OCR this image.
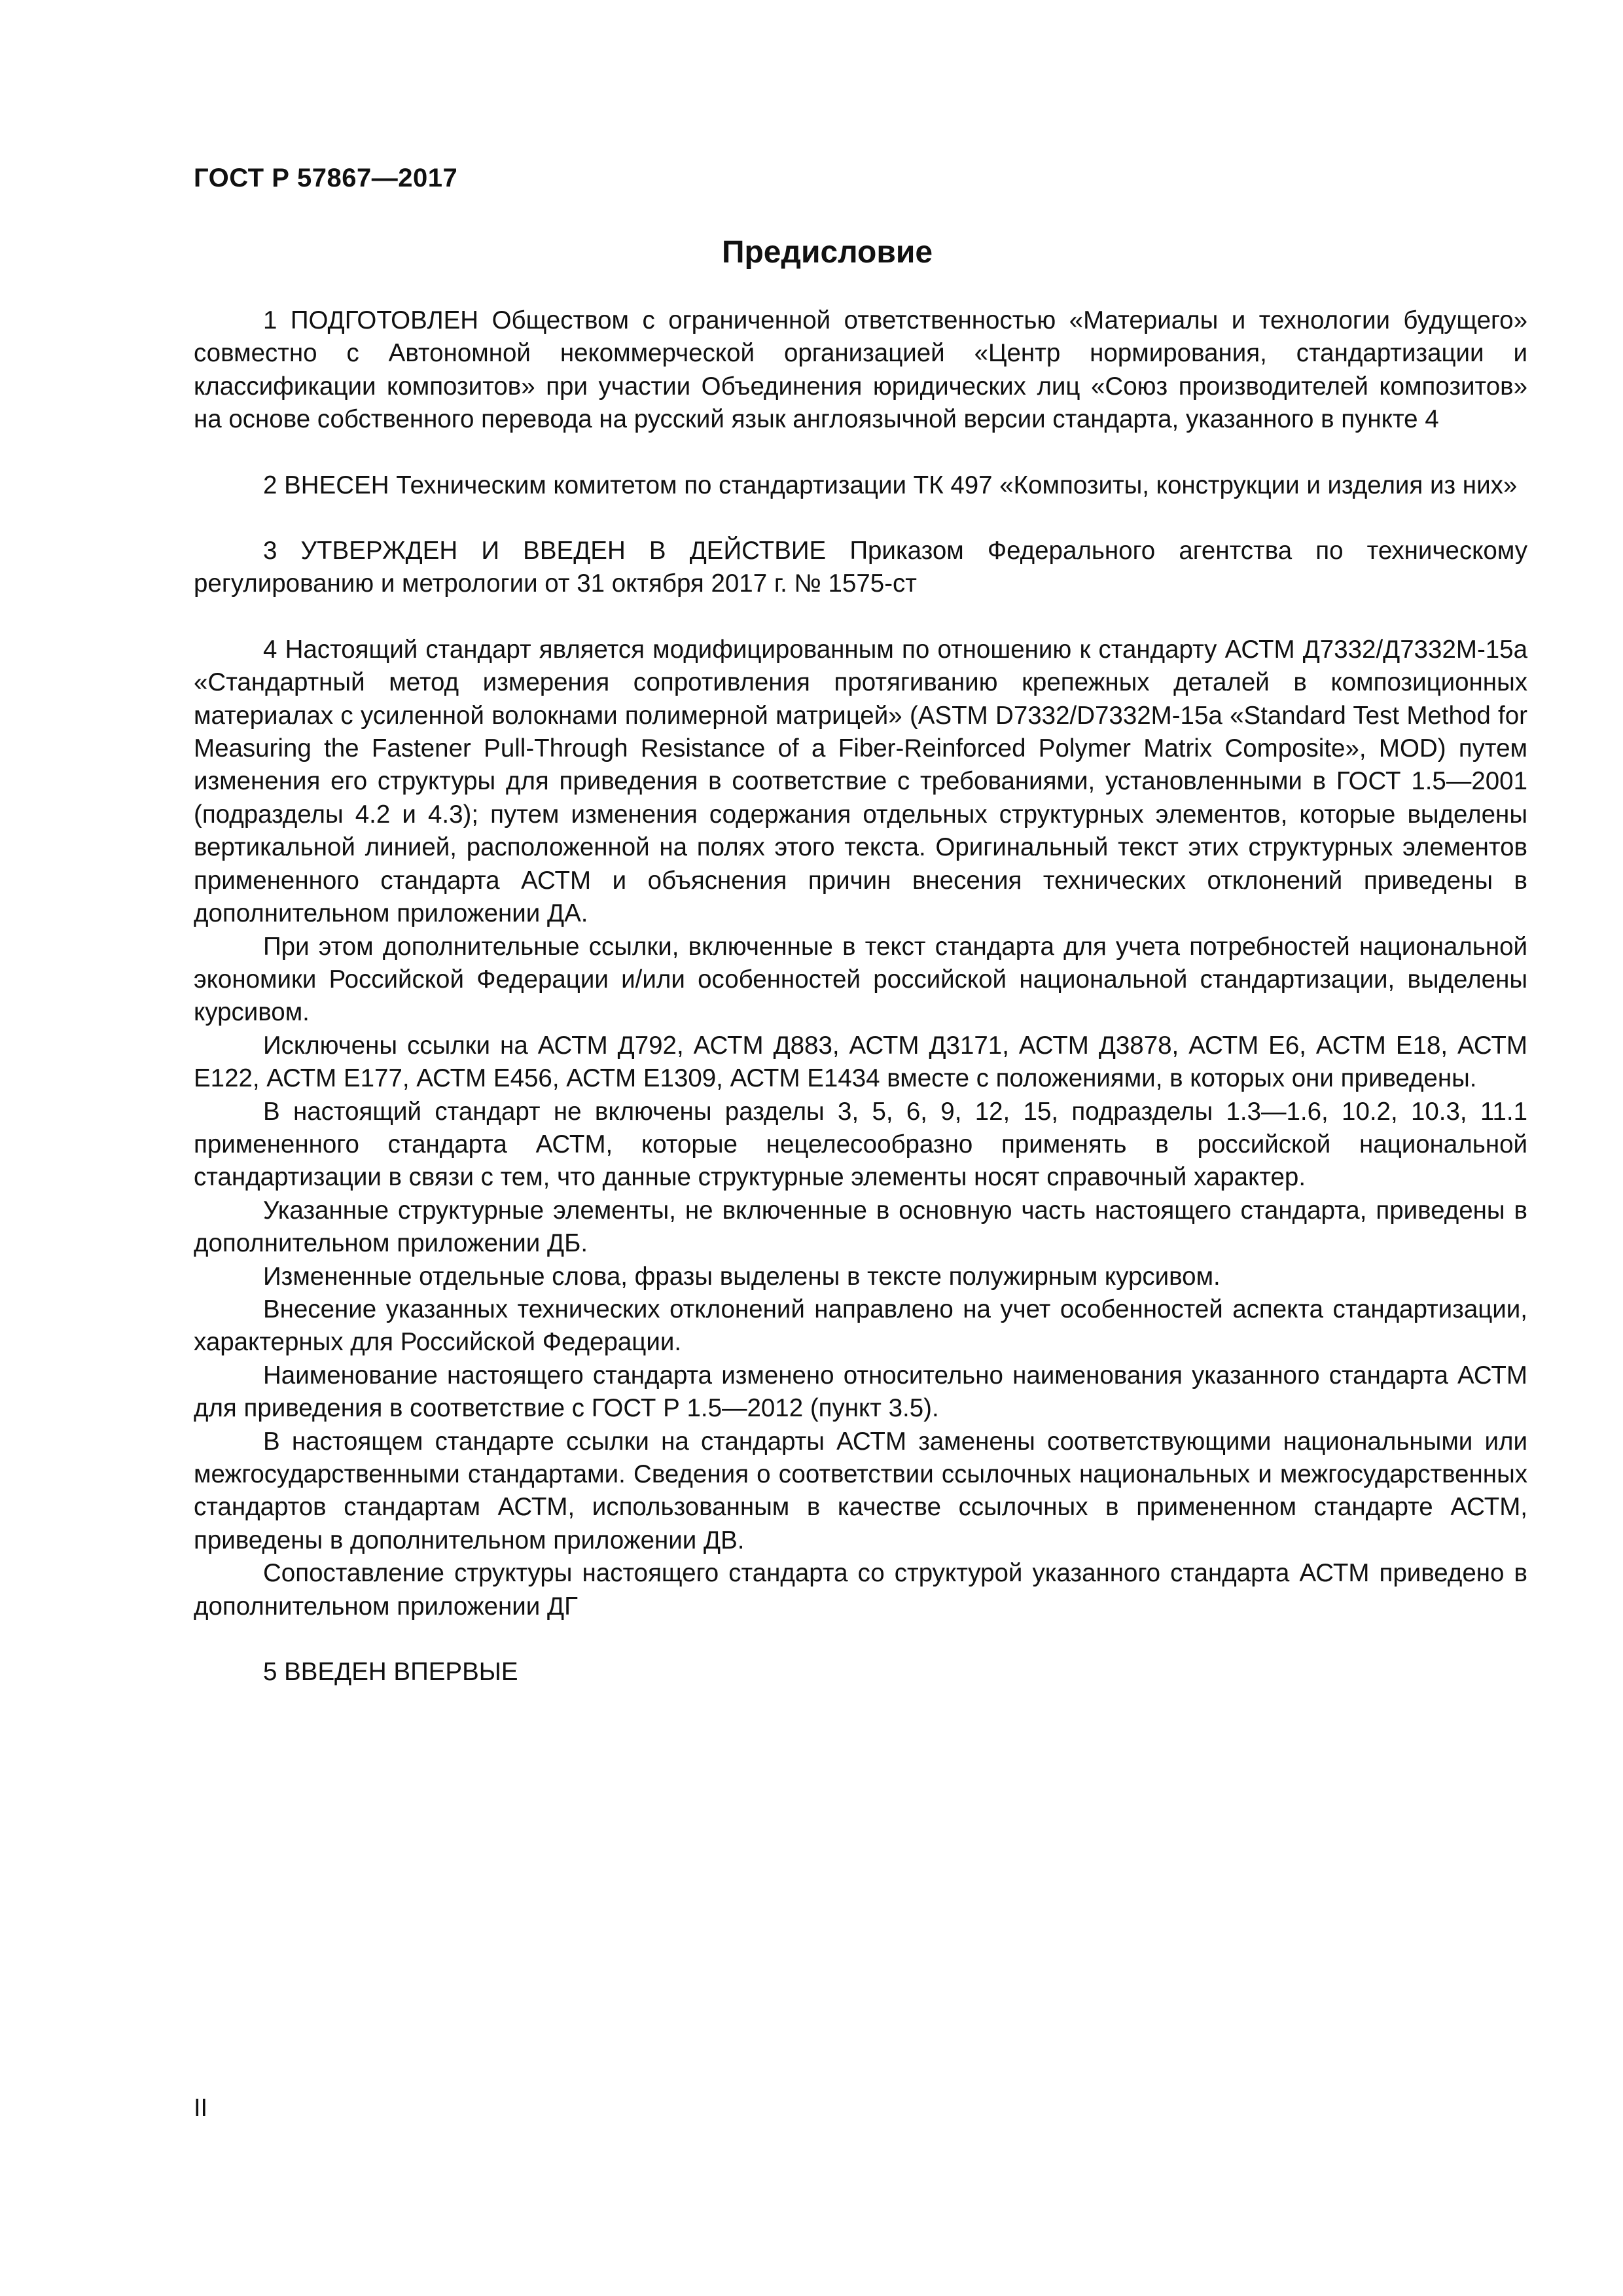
ГОСТ Р 57867—2017
Предисловие

1 ПОДГОТОВЛЕН Обществом с ограниченной ответственностью «Материалы и технологии будущего» совместно с Автономной некоммерческой организацией «Центр нормирования, стандартизации и классификации композитов» при участии Объединения юридических лиц «Союз производителей композитов» на основе собственного перевода на русский язык англоязычной версии стандарта, указанного в пункте 4

2 ВНЕСЕН Техническим комитетом по стандартизации ТК 497 «Композиты, конструкции и изделия из них»

3 УТВЕРЖДЕН И ВВЕДЕН В ДЕЙСТВИЕ Приказом Федерального агентства по техническому регулированию и метрологии от 31 октября 2017 г. № 1575-ст

4 Настоящий стандарт является модифицированным по отношению к стандарту АСТМ Д7332/Д7332М-15а «Стандартный метод измерения сопротивления протягиванию крепежных деталей в композиционных материалах с усиленной волокнами полимерной матрицей» (ASTM D7332/D7332M-15a «Standard Test Method for Measuring the Fastener Pull-Through Resistance of a Fiber-Reinforced Polymer Matrix Composite», MOD) путем изменения его структуры для приведения в соответствие с требованиями, установленными в ГОСТ 1.5—2001 (подразделы 4.2 и 4.3); путем изменения содержания отдельных структурных элементов, которые выделены вертикальной линией, расположенной на полях этого текста. Оригинальный текст этих структурных элементов примененного стандарта АСТМ и объяснения причин внесения технических отклонений приведены в дополнительном приложении ДА.

При этом дополнительные ссылки, включенные в текст стандарта для учета потребностей национальной экономики Российской Федерации и/или особенностей российской национальной стандартизации, выделены курсивом.

Исключены ссылки на АСТМ Д792, АСТМ Д883, АСТМ Д3171, АСТМ Д3878, АСТМ Е6, АСТМ Е18, АСТМ Е122, АСТМ Е177, АСТМ Е456, АСТМ Е1309, АСТМ Е1434 вместе с положениями, в которых они приведены.

В настоящий стандарт не включены разделы 3, 5, 6, 9, 12, 15, подразделы 1.3—1.6, 10.2, 10.3, 11.1 примененного стандарта АСТМ, которые нецелесообразно применять в российской национальной стандартизации в связи с тем, что данные структурные элементы носят справочный характер.

Указанные структурные элементы, не включенные в основную часть настоящего стандарта, приведены в дополнительном приложении ДБ.

Измененные отдельные слова, фразы выделены в тексте полужирным курсивом.

Внесение указанных технических отклонений направлено на учет особенностей аспекта стандартизации, характерных для Российской Федерации.

Наименование настоящего стандарта изменено относительно наименования указанного стандарта АСТМ для приведения в соответствие с ГОСТ Р 1.5—2012 (пункт 3.5).

В настоящем стандарте ссылки на стандарты АСТМ заменены соответствующими национальными или межгосударственными стандартами. Сведения о соответствии ссылочных национальных и межгосударственных стандартов стандартам АСТМ, использованным в качестве ссылочных в примененном стандарте АСТМ, приведены в дополнительном приложении ДВ.

Сопоставление структуры настоящего стандарта со структурой указанного стандарта АСТМ приведено в дополнительном приложении ДГ

5 ВВЕДЕН ВПЕРВЫЕ

II
